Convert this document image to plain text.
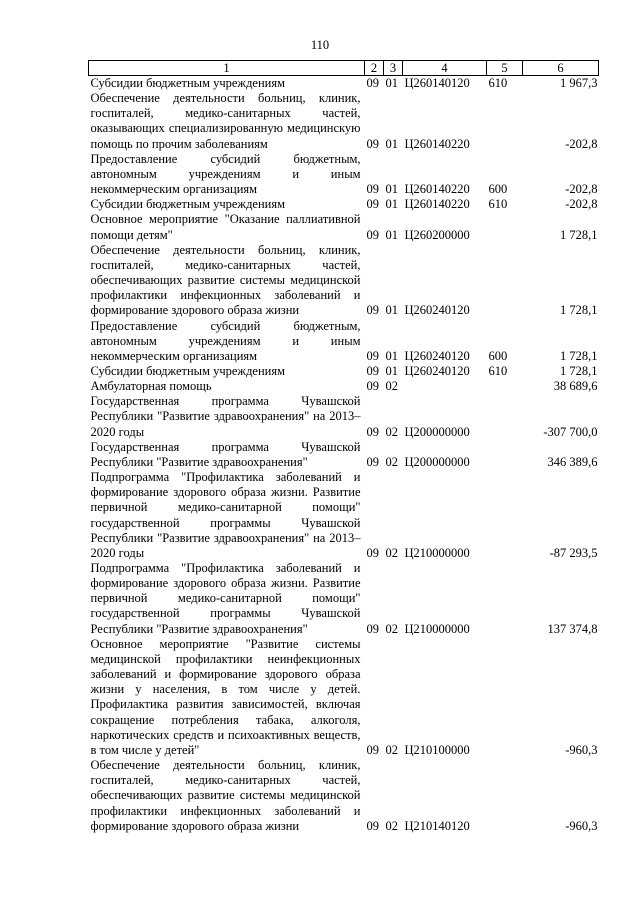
110
1	2	3	4	5	6
Субсидии бюджетным учреждениям	09	01	Ц260140120	610	1 967,3
Обеспечение деятельности больниц, клиник, госпиталей, медико-санитарных частей, оказывающих специализированную медицинскую помощь по прочим заболеваниям	09	01	Ц260140220		-202,8
Предоставление субсидий бюджетным, автономным учреждениям и иным некоммерческим организациям	09	01	Ц260140220	600	-202,8
Субсидии бюджетным учреждениям	09	01	Ц260140220	610	-202,8
Основное мероприятие "Оказание паллиативной помощи детям"	09	01	Ц260200000		1 728,1
Обеспечение деятельности больниц, клиник, госпиталей, медико-санитарных частей, обеспечивающих развитие системы медицинской профилактики инфекционных заболеваний и формирование здорового образа жизни	09	01	Ц260240120		1 728,1
Предоставление субсидий бюджетным, автономным учреждениям и иным некоммерческим организациям	09	01	Ц260240120	600	1 728,1
Субсидии бюджетным учреждениям	09	01	Ц260240120	610	1 728,1
Амбулаторная помощь	09	02			38 689,6
Государственная программа Чувашской Республики "Развитие здравоохранения" на 2013–2020 годы	09	02	Ц200000000		-307 700,0
Государственная программа Чувашской Республики "Развитие здравоохранения"	09	02	Ц200000000		346 389,6
Подпрограмма "Профилактика заболеваний и формирование здорового образа жизни. Развитие первичной медико-санитарной помощи" государственной программы Чувашской Республики "Развитие здравоохранения" на 2013–2020 годы	09	02	Ц210000000		-87 293,5
Подпрограмма "Профилактика заболеваний и формирование здорового образа жизни. Развитие первичной медико-санитарной помощи" государственной программы Чувашской Республики "Развитие здравоохранения"	09	02	Ц210000000		137 374,8
Основное мероприятие "Развитие системы медицинской профилактики неинфекционных заболеваний и формирование здорового образа жизни у населения, в том числе у детей. Профилактика развития зависимостей, включая сокращение потребления табака, алкоголя, наркотических средств и психоактивных веществ, в том числе у детей"	09	02	Ц210100000		-960,3
Обеспечение деятельности больниц, клиник, госпиталей, медико-санитарных частей, обеспечивающих развитие системы медицинской профилактики инфекционных заболеваний и формирование здорового образа жизни	09	02	Ц210140120		-960,3
